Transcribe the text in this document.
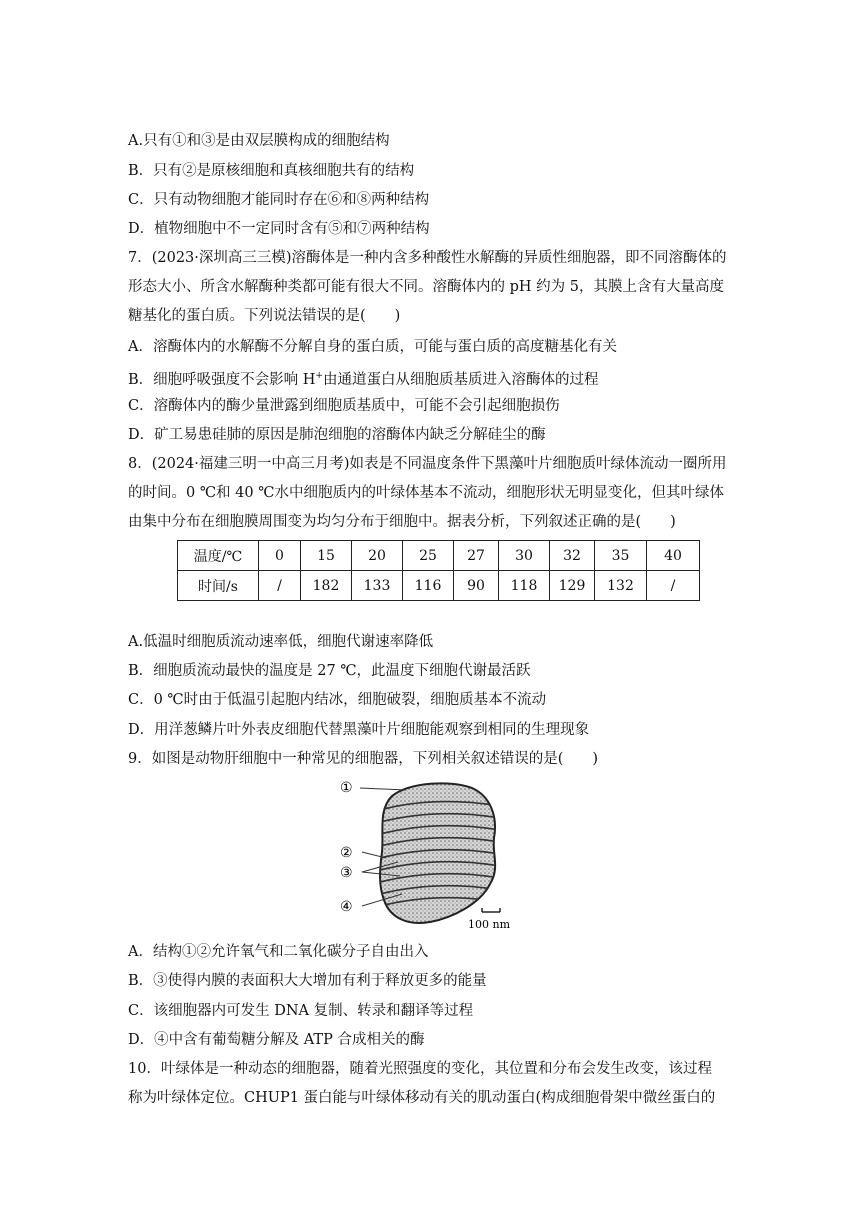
A.只有①和③是由双层膜构成的细胞结构
B．只有②是原核细胞和真核细胞共有的结构
C．只有动物细胞才能同时存在⑥和⑧两种结构
D．植物细胞中不一定同时含有⑤和⑦两种结构
7．(2023·深圳高三三模)溶酶体是一种内含多种酸性水解酶的异质性细胞器，即不同溶酶体的
形态大小、所含水解酶种类都可能有很大不同。溶酶体内的 pH 约为 5，其膜上含有大量高度
糖基化的蛋白质。下列说法错误的是(　　)
A．溶酶体内的水解酶不分解自身的蛋白质，可能与蛋白质的高度糖基化有关
B．细胞呼吸强度不会影响 H+由通道蛋白从细胞质基质进入溶酶体的过程
C．溶酶体内的酶少量泄露到细胞质基质中，可能不会引起细胞损伤
D．矿工易患硅肺的原因是肺泡细胞的溶酶体内缺乏分解硅尘的酶
8．(2024·福建三明一中高三月考)如表是不同温度条件下黑藻叶片细胞质叶绿体流动一圈所用
的时间。0 ℃和 40 ℃水中细胞质内的叶绿体基本不流动，细胞形状无明显变化，但其叶绿体
由集中分布在细胞膜周围变为均匀分布于细胞中。据表分析，下列叙述正确的是(　　)
温度/℃	0	15	20	25	27	30	32	35	40
时间/s	/	182	133	116	90	118	129	132	/
A.低温时细胞质流动速率低，细胞代谢速率降低
B．细胞质流动最快的温度是 27 ℃，此温度下细胞代谢最活跃
C．0 ℃时由于低温引起胞内结冰，细胞破裂，细胞质基本不流动
D．用洋葱鳞片叶外表皮细胞代替黑藻叶片细胞能观察到相同的生理现象
9．如图是动物肝细胞中一种常见的细胞器，下列相关叙述错误的是(　　)
①
②
③
④
100 nm
A．结构①②允许氧气和二氧化碳分子自由出入
B．③使得内膜的表面积大大增加有利于释放更多的能量
C．该细胞器内可发生 DNA 复制、转录和翻译等过程
D．④中含有葡萄糖分解及 ATP 合成相关的酶
10．叶绿体是一种动态的细胞器，随着光照强度的变化，其位置和分布会发生改变，该过程
称为叶绿体定位。CHUP1 蛋白能与叶绿体移动有关的肌动蛋白(构成细胞骨架中微丝蛋白的
